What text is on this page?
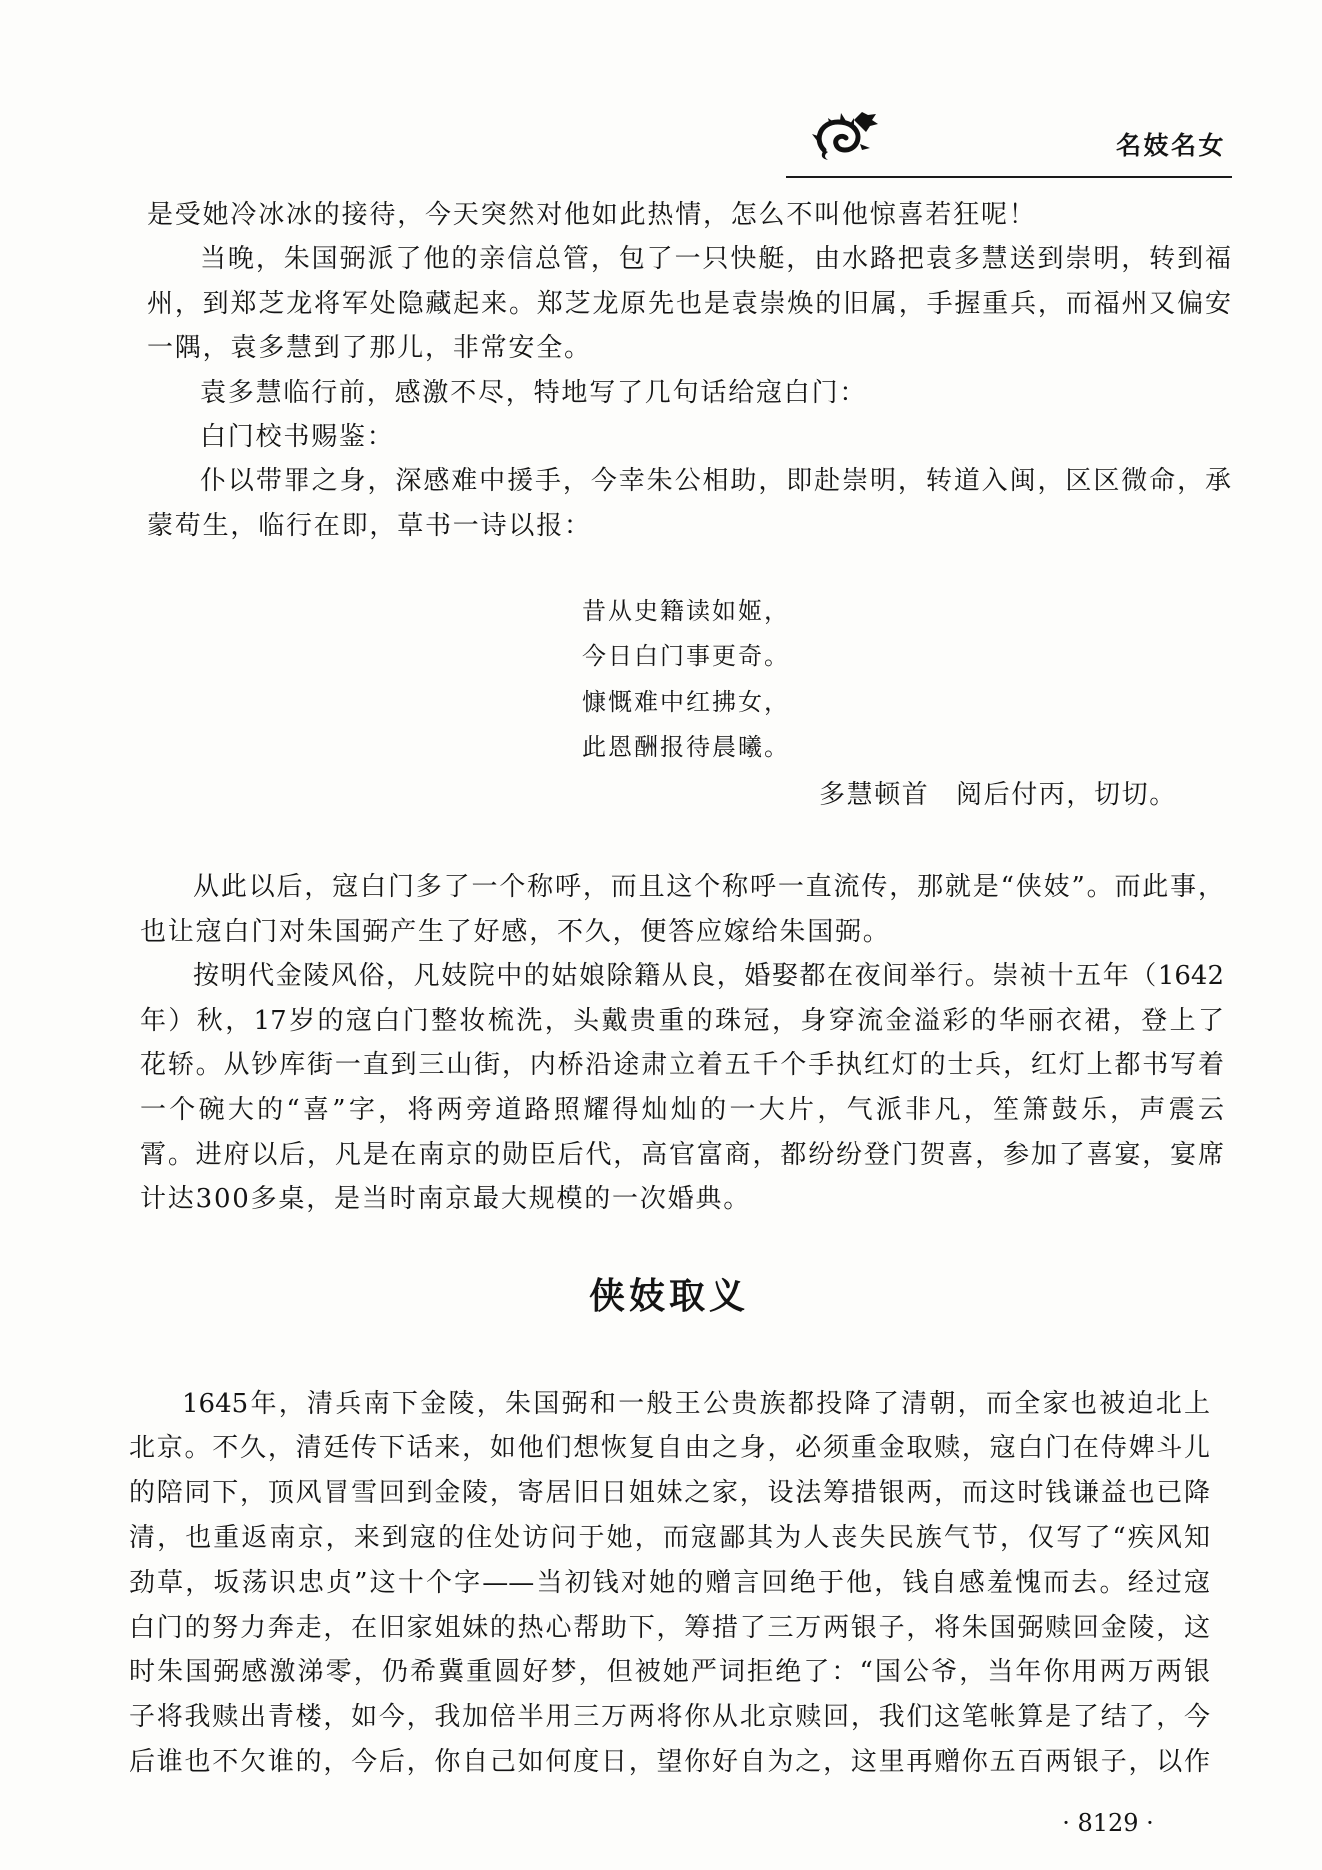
名妓名女
是受她冷冰冰的接待，今天突然对他如此热情，怎么不叫他惊喜若狂呢！
当晚，朱国弼派了他的亲信总管，包了一只快艇，由水路把袁多慧送到崇明，转到福
州，到郑芝龙将军处隐藏起来。郑芝龙原先也是袁崇焕的旧属，手握重兵，而福州又偏安
一隅，袁多慧到了那儿，非常安全。
袁多慧临行前，感激不尽，特地写了几句话给寇白门：
白门校书赐鉴：
仆以带罪之身，深感难中援手，今幸朱公相助，即赴崇明，转道入闽，区区微命，承
蒙苟生，临行在即，草书一诗以报：
昔从史籍读如姬，
今日白门事更奇。
慷慨难中红拂女，
此恩酬报待晨曦。
多慧顿首 阅后付丙，切切。
从此以后，寇白门多了一个称呼，而且这个称呼一直流传，那就是“侠妓”。而此事，
也让寇白门对朱国弼产生了好感，不久，便答应嫁给朱国弼。
按明代金陵风俗，凡妓院中的姑娘除籍从良，婚娶都在夜间举行。崇祯十五年（1642
年）秋，17岁的寇白门整妆梳洗，头戴贵重的珠冠，身穿流金溢彩的华丽衣裙，登上了
花轿。从钞库街一直到三山街，内桥沿途肃立着五千个手执红灯的士兵，红灯上都书写着
一个碗大的“喜”字，将两旁道路照耀得灿灿的一大片，气派非凡，笙箫鼓乐，声震云
霄。进府以后，凡是在南京的勋臣后代，高官富商，都纷纷登门贺喜，参加了喜宴，宴席
计达300多桌，是当时南京最大规模的一次婚典。
侠妓取义
1645年，清兵南下金陵，朱国弼和一般王公贵族都投降了清朝，而全家也被迫北上
北京。不久，清廷传下话来，如他们想恢复自由之身，必须重金取赎，寇白门在侍婢斗儿
的陪同下，顶风冒雪回到金陵，寄居旧日姐妹之家，设法筹措银两，而这时钱谦益也已降
清，也重返南京，来到寇的住处访问于她，而寇鄙其为人丧失民族气节，仅写了“疾风知
劲草，坂荡识忠贞”这十个字——当初钱对她的赠言回绝于他，钱自感羞愧而去。经过寇
白门的努力奔走，在旧家姐妹的热心帮助下，筹措了三万两银子，将朱国弼赎回金陵，这
时朱国弼感激涕零，仍希冀重圆好梦，但被她严词拒绝了：“国公爷，当年你用两万两银
子将我赎出青楼，如今，我加倍半用三万两将你从北京赎回，我们这笔帐算是了结了，今
后谁也不欠谁的，今后，你自己如何度日，望你好自为之，这里再赠你五百两银子，以作
· 8129 ·
